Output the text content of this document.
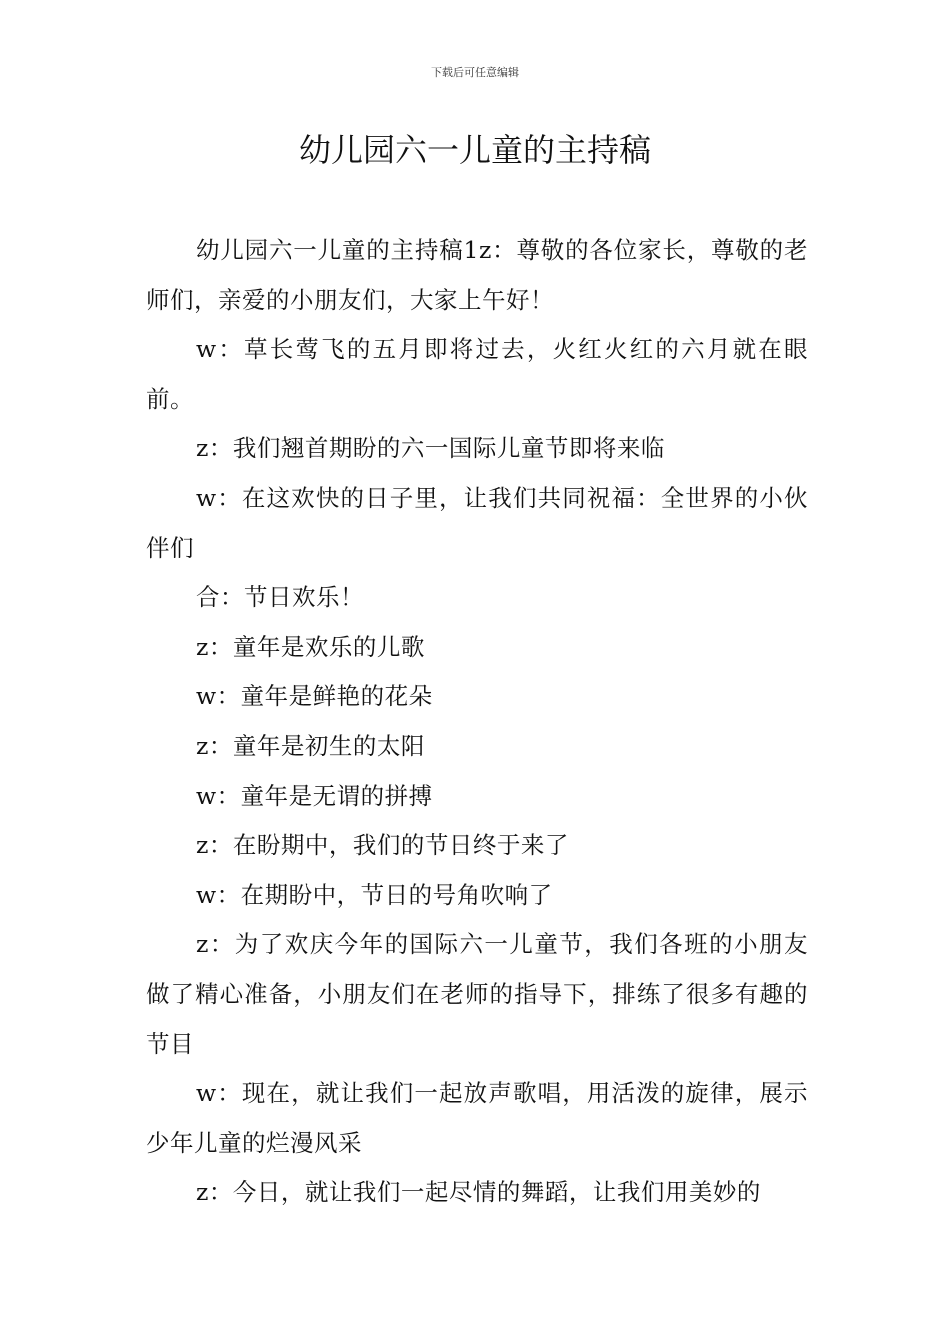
下载后可任意编辑
幼儿园六一儿童的主持稿

幼儿园六一儿童的主持稿1z：尊敬的各位家长，尊敬的老师们，亲爱的小朋友们，大家上午好！

w：草长莺飞的五月即将过去，火红火红的六月就在眼前。

z：我们翘首期盼的六一国际儿童节即将来临

w：在这欢快的日子里，让我们共同祝福：全世界的小伙伴们

合：节日欢乐！

z：童年是欢乐的儿歌

w：童年是鲜艳的花朵

z：童年是初生的太阳

w：童年是无谓的拼搏

z：在盼期中，我们的节日终于来了

w：在期盼中，节日的号角吹响了

z：为了欢庆今年的国际六一儿童节，我们各班的小朋友做了精心准备，小朋友们在老师的指导下，排练了很多有趣的节目

w：现在，就让我们一起放声歌唱，用活泼的旋律，展示少年儿童的烂漫风采

z：今日，就让我们一起尽情的舞蹈，让我们用美妙的
